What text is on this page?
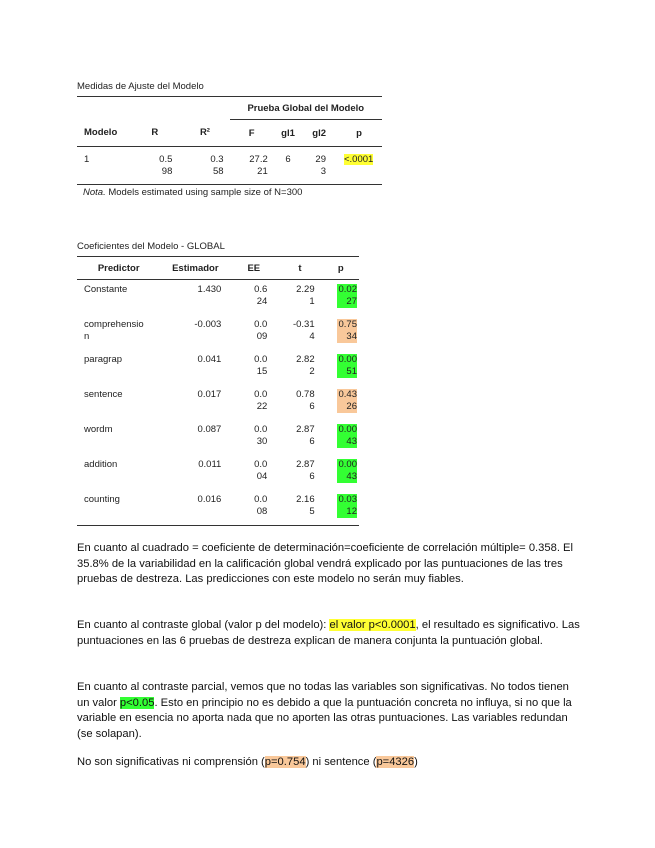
Medidas de Ajuste del Modelo
			Prueba Global del Modelo			
Modelo	R	R²	F	gl1	gl2	p
1	0.598	0.358	27.221	6	293	<.0001
Nota. Models estimated using sample size of N=300
Coeficientes del Modelo - GLOBAL
Predictor	Estimador	EE	t	p
Constante	1.430	0.624	2.291	0.0227
comprehension	-0.003	0.009	-0.314	0.7534
paragrap	0.041	0.015	2.822	0.0051
sentence	0.017	0.022	0.786	0.4326
wordm	0.087	0.030	2.876	0.0043
addition	0.011	0.004	2.876	0.0043
counting	0.016	0.008	2.165	0.0312

En cuanto al cuadrado = coeficiente de determinación=coeficiente de correlación múltiple= 0.358. El 35.8% de la variabilidad en la calificación global vendrá explicado por las puntuaciones de las tres pruebas de destreza. Las predicciones con este modelo no serán muy fiables.

En cuanto al contraste global (valor p del modelo): el valor p<0.0001, el resultado es significativo. Las puntuaciones en las 6 pruebas de destreza explican de manera conjunta la puntuación global.

En cuanto al contraste parcial, vemos que no todas las variables son significativas. No todos tienen un valor p<0.05. Esto en principio no es debido a que la puntuación concreta no influya, si no que la variable en esencia no aporta nada que no aporten las otras puntuaciones. Las variables redundan (se solapan).

No son significativas ni comprensión (p=0.754) ni sentence (p=4326)
